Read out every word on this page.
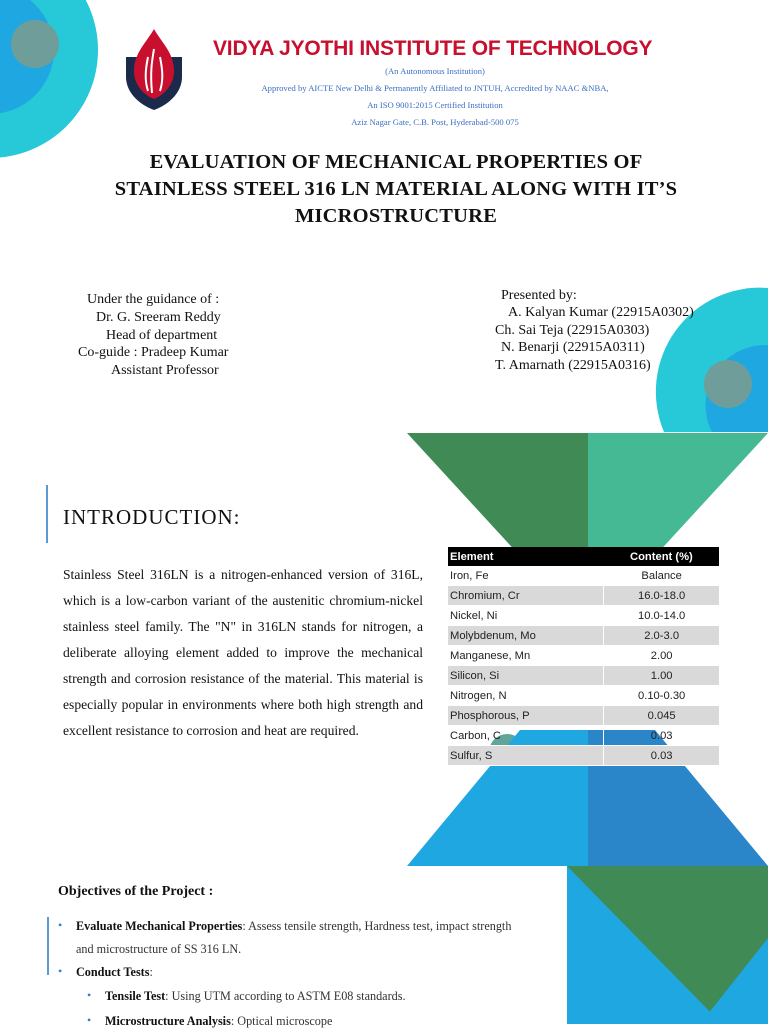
VIDYA JYOTHI INSTITUTE OF TECHNOLOGY
(An Autonomous Institution)
Approved by AICTE New Delhi & Permanently Affiliated to JNTUH, Accredited by NAAC &NBA,
An ISO 9001:2015 Certified Institution
Aziz Nagar Gate, C.B. Post, Hyderabad-500 075
EVALUATION OF MECHANICAL PROPERTIES OF
STAINLESS STEEL 316 LN MATERIAL ALONG WITH IT’S
MICROSTRUCTURE
Under the guidance of :
Dr. G. Sreeram Reddy
Head of department
Co-guide : Pradeep Kumar
Assistant Professor
Presented by:
A. Kalyan Kumar (22915A0302)
Ch. Sai Teja (22915A0303)
N. Benarji (22915A0311)
T. Amarnath (22915A0316)
INTRODUCTION:
Stainless Steel 316LN is a nitrogen-enhanced version of 316L, which is a low-carbon variant of the austenitic chromium-nickel stainless steel family. The "N" in 316LN stands for nitrogen, a deliberate alloying element added to improve the mechanical strength and corrosion resistance of the material. This material is especially popular in environments where both high strength and excellent resistance to corrosion and heat are required.
Element	Content (%)
Iron, Fe	Balance
Chromium, Cr	16.0-18.0
Nickel, Ni	10.0-14.0
Molybdenum, Mo	2.0-3.0
Manganese, Mn	2.00
Silicon, Si	1.00
Nitrogen, N	0.10-0.30
Phosphorous, P	0.045
Carbon, C	0.03
Sulfur, S	0.03
Objectives of the Project :
• Evaluate Mechanical Properties: Assess tensile strength, Hardness test, impact strength
and microstructure of SS 316 LN.
• Conduct Tests:
• Tensile Test: Using UTM according to ASTM E08 standards.
• Microstructure Analysis: Optical microscope
